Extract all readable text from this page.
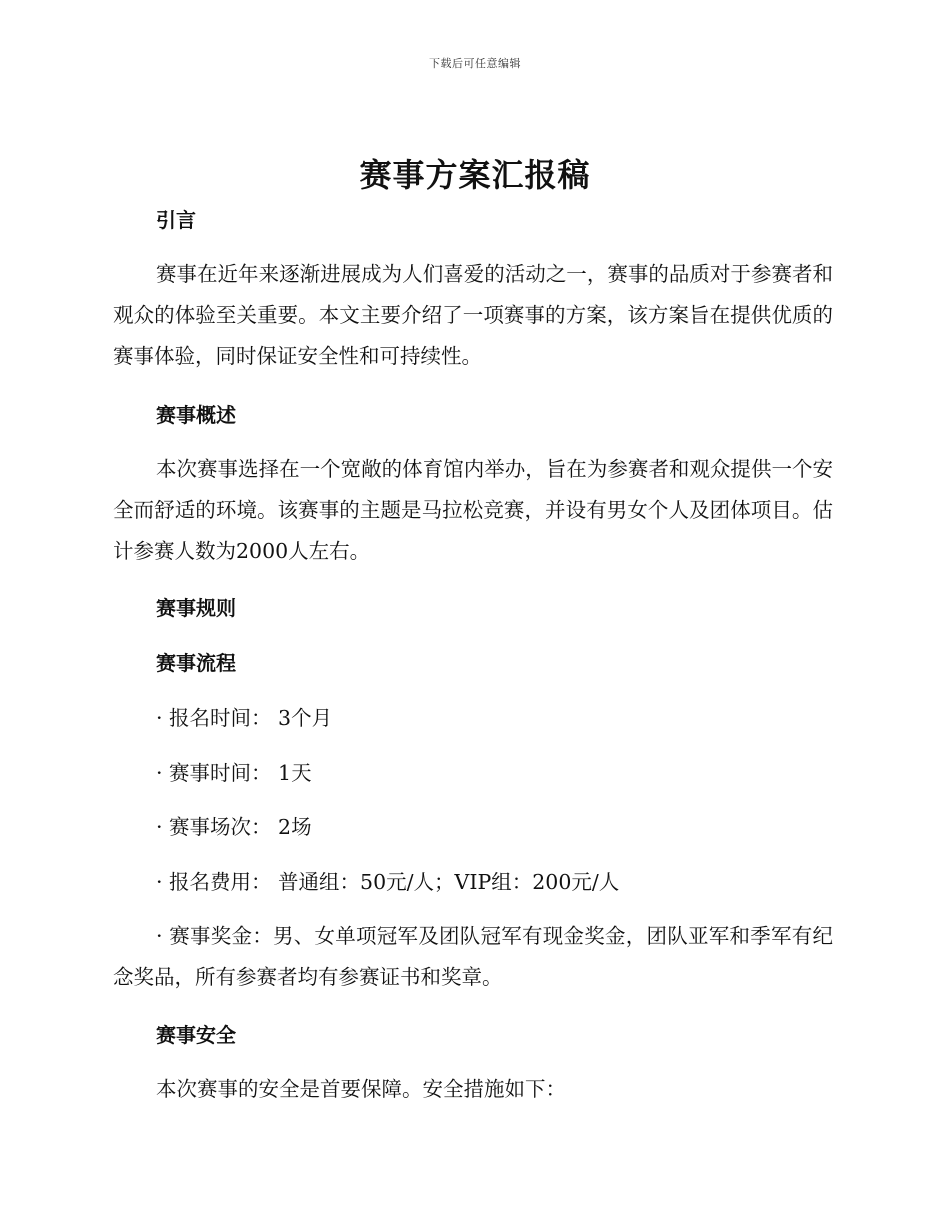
下载后可任意编辑
赛事方案汇报稿
引言

赛事在近年来逐渐进展成为人们喜爱的活动之一，赛事的品质对于参赛者和观众的体验至关重要。本文主要介绍了一项赛事的方案，该方案旨在提供优质的赛事体验，同时保证安全性和可持续性。

赛事概述

本次赛事选择在一个宽敞的体育馆内举办，旨在为参赛者和观众提供一个安全而舒适的环境。该赛事的主题是马拉松竞赛，并设有男女个人及团体项目。估计参赛人数为2000人左右。

赛事规则
赛事流程

· 报名时间： 3个月

· 赛事时间： 1天

· 赛事场次： 2场

· 报名费用： 普通组：50元/人；VIP组：200元/人

· 赛事奖金：男、女单项冠军及团队冠军有现金奖金，团队亚军和季军有纪念奖品，所有参赛者均有参赛证书和奖章。

赛事安全

本次赛事的安全是首要保障。安全措施如下：
